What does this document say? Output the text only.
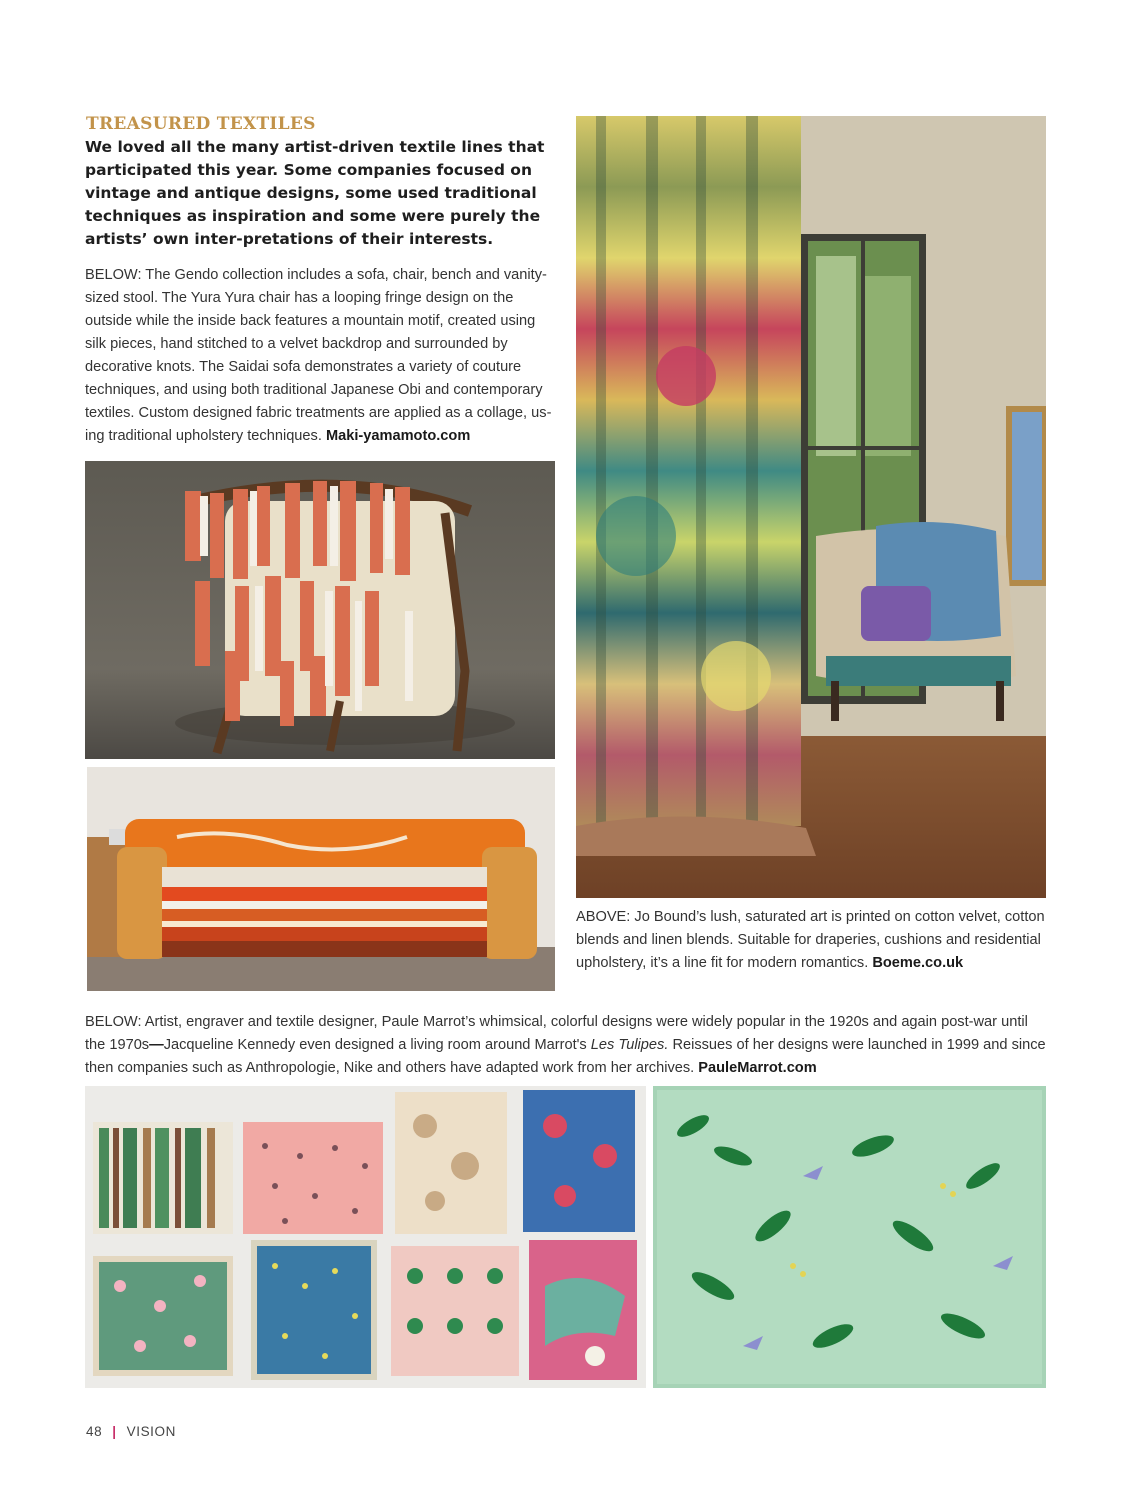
TREASURED TEXTILES
We loved all the many artist-driven textile lines that participated this year. Some companies focused on vintage and antique designs, some used traditional techniques as inspiration and some were purely the artists’ own inter-pretations of their interests.
BELOW: The Gendo collection includes a sofa, chair, bench and vanity-sized stool. The Yura Yura chair has a looping fringe design on the outside while the inside back features a mountain motif, created using silk pieces, hand stitched to a velvet backdrop and surrounded by decorative knots. The Saidai sofa demonstrates a variety of couture techniques, and using both traditional Japanese Obi and contemporary textiles. Custom designed fabric treatments are applied as a collage, us-ing traditional upholstery techniques. Maki-yamamoto.com
ABOVE: Jo Bound’s lush, saturated art is printed on cotton velvet, cotton blends and linen blends. Suitable for draperies, cushions and residential upholstery, it’s a line fit for modern romantics. Boeme.co.uk
BELOW: Artist, engraver and textile designer, Paule Marrot’s whimsical, colorful designs were widely popular in the 1920s and again post-war until the 1970s—Jacqueline Kennedy even designed a living room around Marrot's Les Tulipes. Reissues of her designs were launched in 1999 and since then companies such as Anthropologie, Nike and others have adapted work from her archives. PauleMarrot.com
48 | VISION
